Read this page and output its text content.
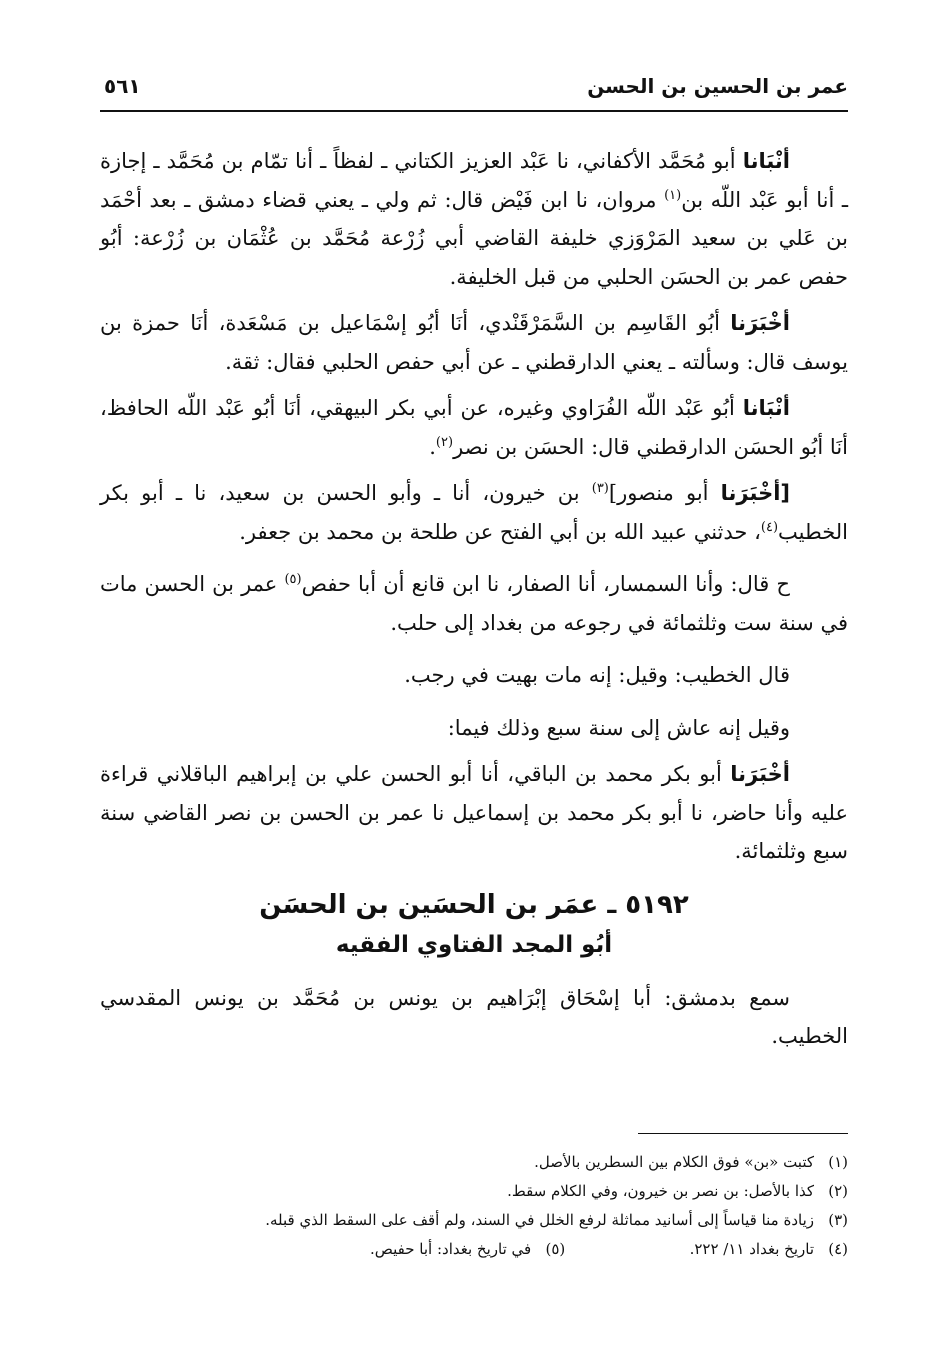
عمر بن الحسين بن الحسن
٥٦١

أنْبَانا أبو مُحَمَّد الأكفاني، نا عَبْد العزيز الكتاني ـ لفظاً ـ أنا تمّام بن مُحَمَّد ـ إجازة ـ أنا أبو عَبْد اللّه بن$^{(١)}$ مروان، نا ابن فَيْض قال: ثم ولي ـ يعني قضاء دمشق ـ بعد أحْمَد بن عَلي بن سعيد المَرْوَزي خليفة القاضي أبي زُرْعة مُحَمَّد بن عُثْمَان بن زُرْعة: أبُو حفص عمر بن الحسَن الحلبي من قبل الخليفة.

أخْبَرَنا أبُو القَاسِم بن السَّمَرْقَنْدي، أنَا أبُو إسْمَاعيل بن مَسْعَدة، أنَا حمزة بن يوسف قال: وسألته ـ يعني الدارقطني ـ عن أبي حفص الحلبي فقال: ثقة.

أنْبَانا أبُو عَبْد اللّه الفُرَاوي وغيره، عن أبي بكر البيهقي، أنَا أبُو عَبْد اللّه الحافظ، أنَا أبُو الحسَن الدارقطني قال: الحسَن بن نصر$^{(٢)}$.

[أخْبَرَنا أبو منصور]$^{(٣)}$ بن خيرون، أنا ـ وأبو الحسن بن سعيد، نا ـ أبو بكر الخطيب$^{(٤)}$، حدثني عبيد الله بن أبي الفتح عن طلحة بن محمد بن جعفر.

ح قال: وأنا السمسار، أنا الصفار، نا ابن قانع أن أبا حفص$^{(٥)}$ عمر بن الحسن مات في سنة ست وثلثمائة في رجوعه من بغداد إلى حلب.

قال الخطيب: وقيل: إنه مات بهيت في رجب.

وقيل إنه عاش إلى سنة سبع وذلك فيما:

أخْبَرَنا أبو بكر محمد بن الباقي، أنا أبو الحسن علي بن إبراهيم الباقلاني قراءة عليه وأنا حاضر، نا أبو بكر محمد بن إسماعيل نا عمر بن الحسن بن نصر القاضي سنة سبع وثلثمائة.

٥١٩٢ ـ عمَر بن الحسَين بن الحسَن
أبُو المجد الفتاوي الفقيه

سمع بدمشق: أبا إسْحَاق إبْرَاهيم بن يونس بن مُحَمَّد بن يونس المقدسي الخطيب.

(١)
كتبت «بن» فوق الكلام بين السطرين بالأصل.
(٢)
كذا بالأصل: بن نصر بن خيرون، وفي الكلام سقط.
(٣)
زيادة منا قياساً إلى أسانيد مماثلة لرفع الخلل في السند، ولم أقف على السقط الذي قبله.
(٤)
تاريخ بغداد ١١/ ٢٢٢.
(٥)
في تاريخ بغداد: أبا حفيص.
